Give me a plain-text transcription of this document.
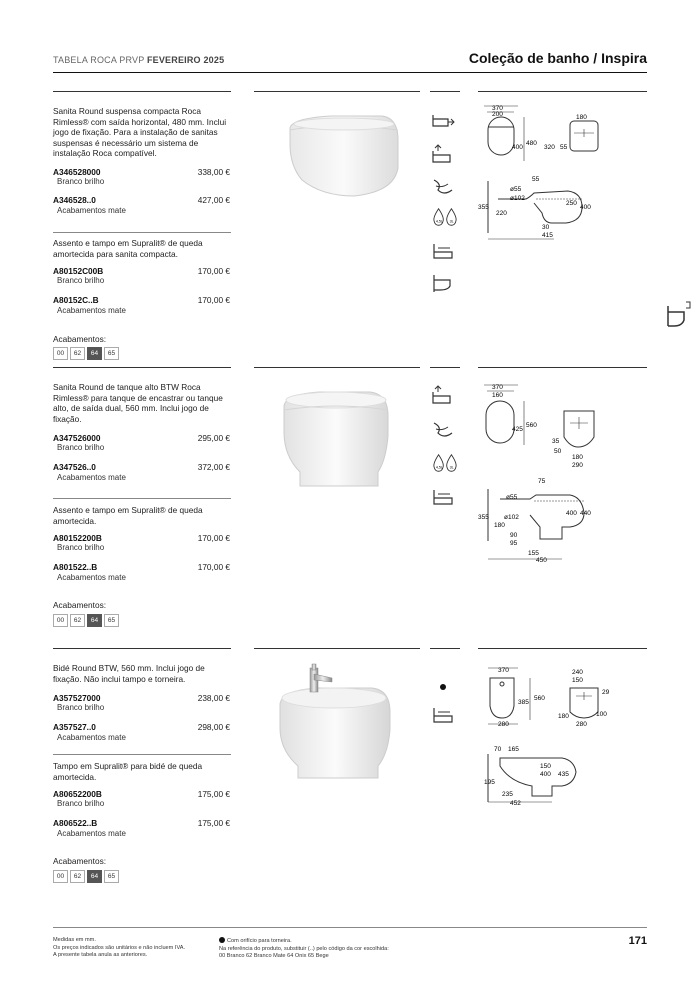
TABELA ROCA PRVP FEVEREIRO 2025	Coleção de banho / Inspira
Sanita Round suspensa compacta Roca Rimless® com saída horizontal, 480 mm. Inclui jogo de fixação. Para a instalação de sanitas suspensas é necessário um sistema de instalação Roca compatível.
A346528000	338,00 €
Branco brilho
A346528..0	427,00 €
Acabamentos mate
Assento e tampo em Supralit® de queda amortecida para sanita compacta.
A80152C00B	170,00 €
Branco brilho
A80152C..B	170,00 €
Acabamentos mate
Acabamentos:
00	62	64	65
4,5L 3L
370
200
400
480
180
320 55
55
ø55
ø102
355
220
250
400
30
415
Sanita Round de tanque alto BTW Roca Rimless® para tanque de encastrar ou tanque alto, de saída dual, 560 mm. Inclui jogo de fixação.
A347526000	295,00 €
Branco brilho
A347526..0	372,00 €
Acabamentos mate
Assento e tampo em Supralit® de queda amortecida.
A80152200B	170,00 €
Branco brilho
A801522..B	170,00 €
Acabamentos mate
Acabamentos:
00	62	64	65
4,5L 3L
370
160
425
560
35
50
180
290
75
ø55
355 ø102
180
400 440
90
95
155
450
Bidé Round BTW, 560 mm. Inclui jogo de fixação. Não inclui tampo e torneira.
A357527000	238,00 €
Branco brilho
A357527..0	298,00 €
Acabamentos mate
Tampo em Supralit® para bidé de queda amortecida.
A80652200B	175,00 €
Branco brilho
A806522..B	175,00 €
Acabamentos mate
Acabamentos:
00	62	64	65
370
385
560
280
240
150
29
180	100
280
70 165
150
400 435
195
235
452
Medidas em mm.
Os preços indicados são unitários e não incluem IVA.
A presente tabela anula as anteriores.
Com orifício para torneira.
Na referência do produto, substituir (..) pelo código da cor escolhida:
00 Branco 62 Branco Mate 64 Onix 65 Bege
171
